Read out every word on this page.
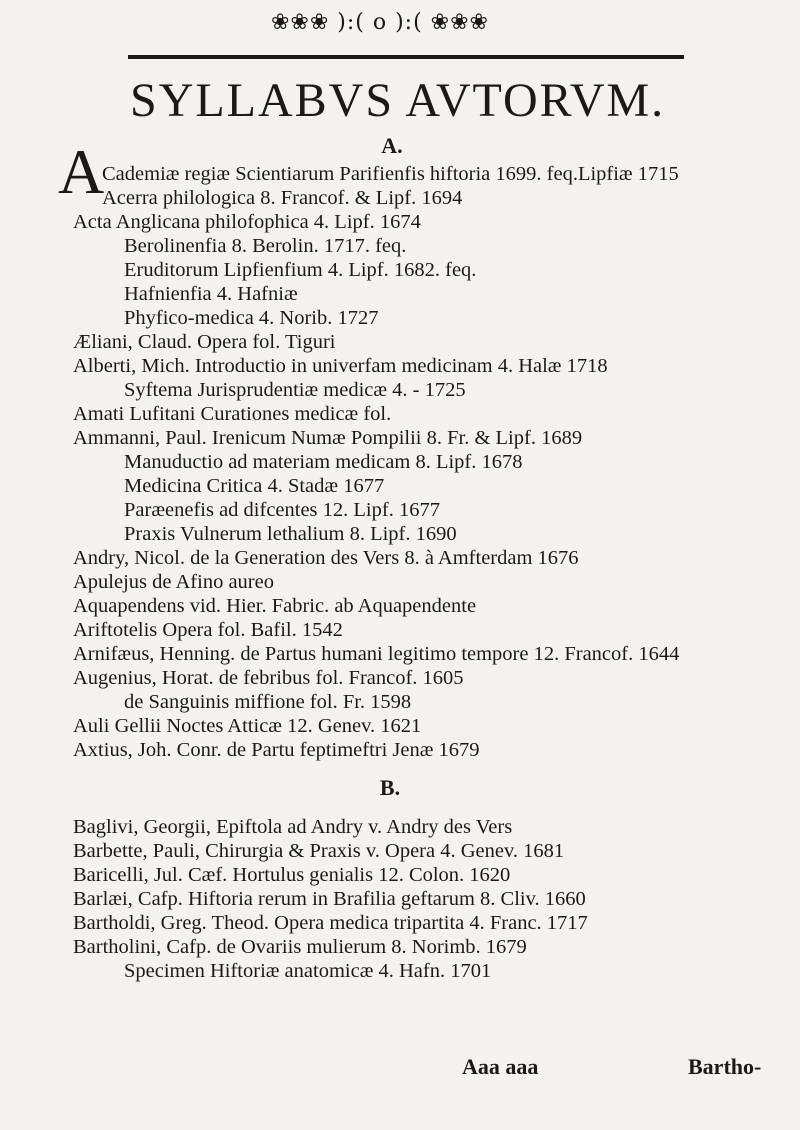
❀❀❀ ):( o ):( ❀❀❀
SYLLABVS AVTORVM.
A.
A
Cademiæ regiæ Scientiarum Parifienfis hiftoria 1699. feq.Lipfiæ 1715
Acerra philologica 8. Francof. & Lipf. 1694
Acta Anglicana philofophica 4. Lipf. 1674
Berolinenfia 8. Berolin. 1717. feq.
Eruditorum Lipfienfium 4. Lipf. 1682. feq.
Hafnienfia 4. Hafniæ
Phyfico-medica 4. Norib. 1727
Æliani, Claud. Opera fol. Tiguri
Alberti, Mich. Introductio in univerfam medicinam 4. Halæ 1718
Syftema Jurisprudentiæ medicæ 4. - 1725
Amati Lufitani Curationes medicæ fol.
Ammanni, Paul. Irenicum Numæ Pompilii 8. Fr. & Lipf. 1689
Manuductio ad materiam medicam 8. Lipf. 1678
Medicina Critica 4. Stadæ 1677
Paræenefis ad difcentes 12. Lipf. 1677
Praxis Vulnerum lethalium 8. Lipf. 1690
Andry, Nicol. de la Generation des Vers 8. à Amfterdam 1676
Apulejus de Afino aureo
Aquapendens vid. Hier. Fabric. ab Aquapendente
Ariftotelis Opera fol. Bafil. 1542
Arnifæus, Henning. de Partus humani legitimo tempore 12. Francof. 1644
Augenius, Horat. de febribus fol. Francof. 1605
de Sanguinis miffione fol. Fr. 1598
Auli Gellii Noctes Atticæ 12. Genev. 1621
Axtius, Joh. Conr. de Partu feptimeftri Jenæ 1679
B.
Baglivi, Georgii, Epiftola ad Andry v. Andry des Vers
Barbette, Pauli, Chirurgia & Praxis v. Opera 4. Genev. 1681
Baricelli, Jul. Cæf. Hortulus genialis 12. Colon. 1620
Barlæi, Cafp. Hiftoria rerum in Brafilia geftarum 8. Cliv. 1660
Bartholdi, Greg. Theod. Opera medica tripartita 4. Franc. 1717
Bartholini, Cafp. de Ovariis mulierum 8. Norimb. 1679
Specimen Hiftoriæ anatomicæ 4. Hafn. 1701
Aaa aaa	Bartho-
